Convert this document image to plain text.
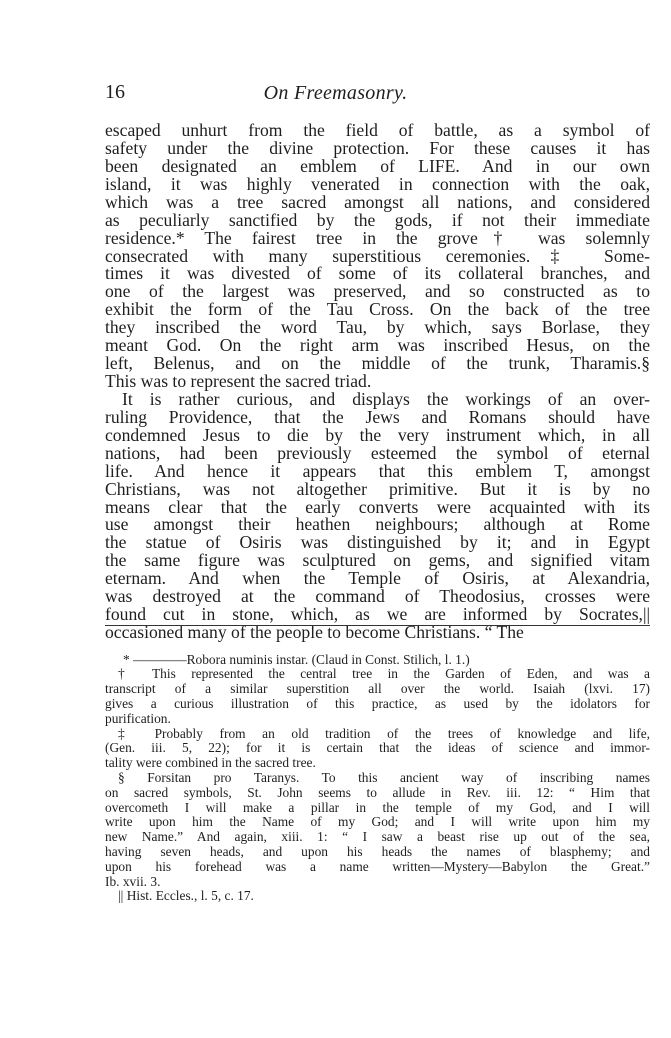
16	On Freemasonry.
escaped unhurt from the field of battle, as a symbol of
safety under the divine protection. For these causes it has
been designated an emblem of LIFE. And in our own
island, it was highly venerated in connection with the oak,
which was a tree sacred amongst all nations, and considered
as peculiarly sanctified by the gods, if not their immediate
residence.* The fairest tree in the grove† was solemnly
consecrated with many superstitious ceremonies.‡ Some-
times it was divested of some of its collateral branches, and
one of the largest was preserved, and so constructed as to
exhibit the form of the Tau Cross. On the back of the tree
they inscribed the word Tau, by which, says Borlase, they
meant God. On the right arm was inscribed Hesus, on the
left, Belenus, and on the middle of the trunk, Tharamis.§
This was to represent the sacred triad.
It is rather curious, and displays the workings of an over-
ruling Providence, that the Jews and Romans should have
condemned Jesus to die by the very instrument which, in all
nations, had been previously esteemed the symbol of eternal
life. And hence it appears that this emblem T, amongst
Christians, was not altogether primitive. But it is by no
means clear that the early converts were acquainted with its
use amongst their heathen neighbours; although at Rome
the statue of Osiris was distinguished by it; and in Egypt
the same figure was sculptured on gems, and signified vitam
eternam. And when the Temple of Osiris, at Alexandria,
was destroyed at the command of Theodosius, crosses were
found cut in stone, which, as we are informed by Socrates,||
occasioned many of the people to become Christians. “ The
* ————Robora numinis instar. (Claud in Const. Stilich, l. 1.)
† This represented the central tree in the Garden of Eden, and was a
transcript of a similar superstition all over the world. Isaiah (lxvi. 17)
gives a curious illustration of this practice, as used by the idolators for
purification.
‡ Probably from an old tradition of the trees of knowledge and life,
(Gen. iii. 5, 22); for it is certain that the ideas of science and immor-
tality were combined in the sacred tree.
§ Forsitan pro Taranys. To this ancient way of inscribing names
on sacred symbols, St. John seems to allude in Rev. iii. 12: “ Him that
overcometh I will make a pillar in the temple of my God, and I will
write upon him the Name of my God; and I will write upon him my
new Name.” And again, xiii. 1: “ I saw a beast rise up out of the sea,
having seven heads, and upon his heads the names of blasphemy; and
upon his forehead was a name written—Mystery—Babylon the Great.”
Ib. xvii. 3.
|| Hist. Eccles., l. 5, c. 17.
